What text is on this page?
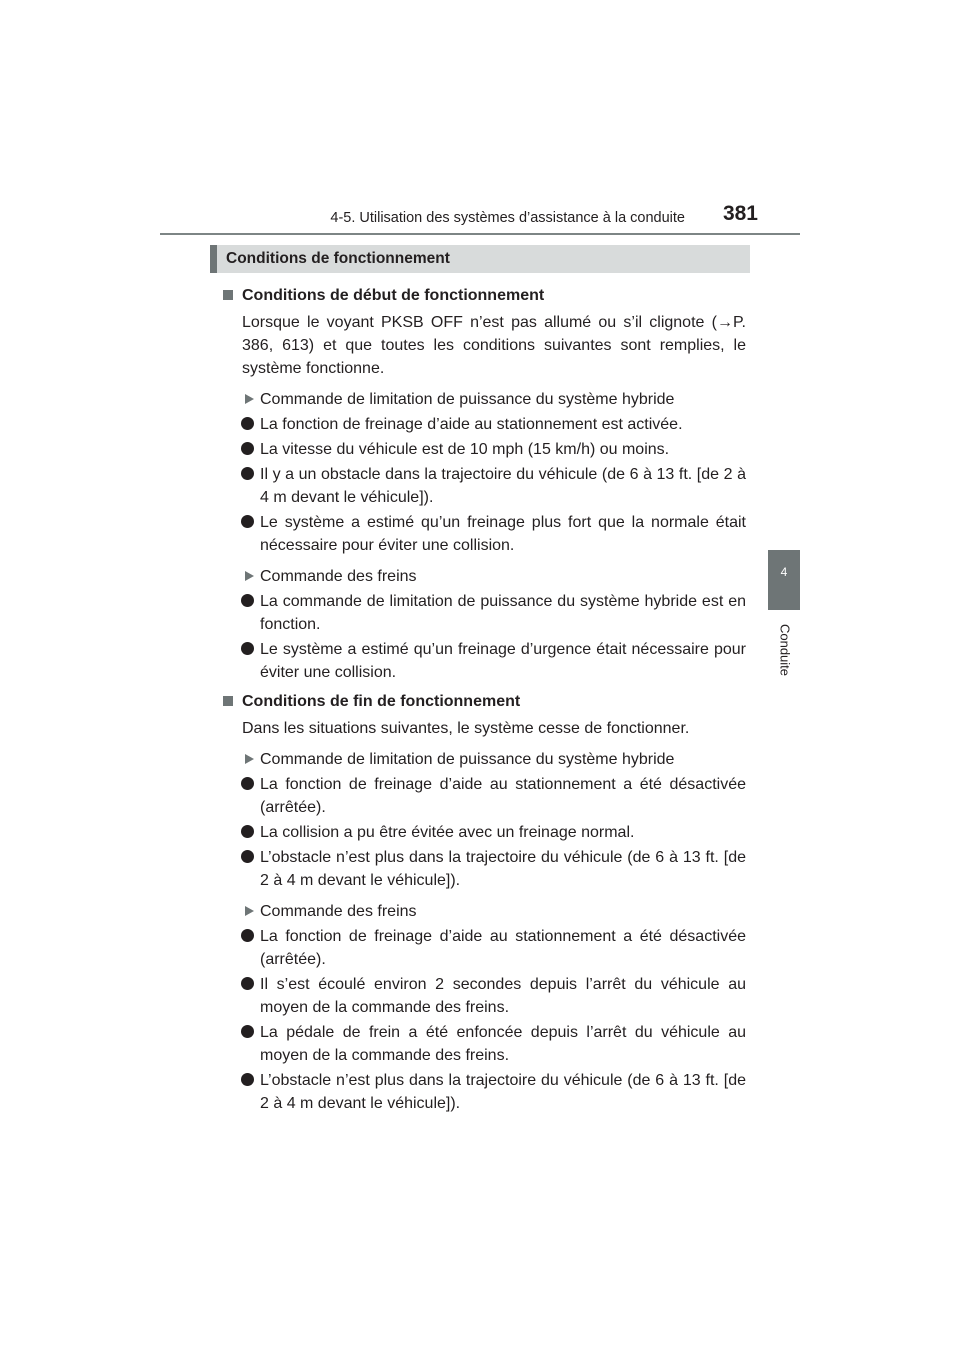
4-5. Utilisation des systèmes d’assistance à la conduite 381
4
Conduite
Conditions de fonctionnement
Conditions de début de fonctionnement
Lorsque le voyant PKSB OFF n’est pas allumé ou s’il clignote (→P. 386, 613) et que toutes les conditions suivantes sont remplies, le système fonctionne.
Commande de limitation de puissance du système hybride
La fonction de freinage d’aide au stationnement est activée.
La vitesse du véhicule est de 10 mph (15 km/h) ou moins.
Il y a un obstacle dans la trajectoire du véhicule (de 6 à 13 ft. [de 2 à 4 m devant le véhicule]).
Le système a estimé qu’un freinage plus fort que la normale était nécessaire pour éviter une collision.
Commande des freins
La commande de limitation de puissance du système hybride est en fonction.
Le système a estimé qu’un freinage d’urgence était nécessaire pour éviter une collision.
Conditions de fin de fonctionnement
Dans les situations suivantes, le système cesse de fonctionner.
Commande de limitation de puissance du système hybride
La fonction de freinage d’aide au stationnement a été désactivée (arrêtée).
La collision a pu être évitée avec un freinage normal.
L’obstacle n’est plus dans la trajectoire du véhicule (de 6 à 13 ft. [de 2 à 4 m devant le véhicule]).
Commande des freins
La fonction de freinage d’aide au stationnement a été désactivée (arrêtée).
Il s’est écoulé environ 2 secondes depuis l’arrêt du véhicule au moyen de la commande des freins.
La pédale de frein a été enfoncée depuis l’arrêt du véhicule au moyen de la commande des freins.
L’obstacle n’est plus dans la trajectoire du véhicule (de 6 à 13 ft. [de 2 à 4 m devant le véhicule]).
